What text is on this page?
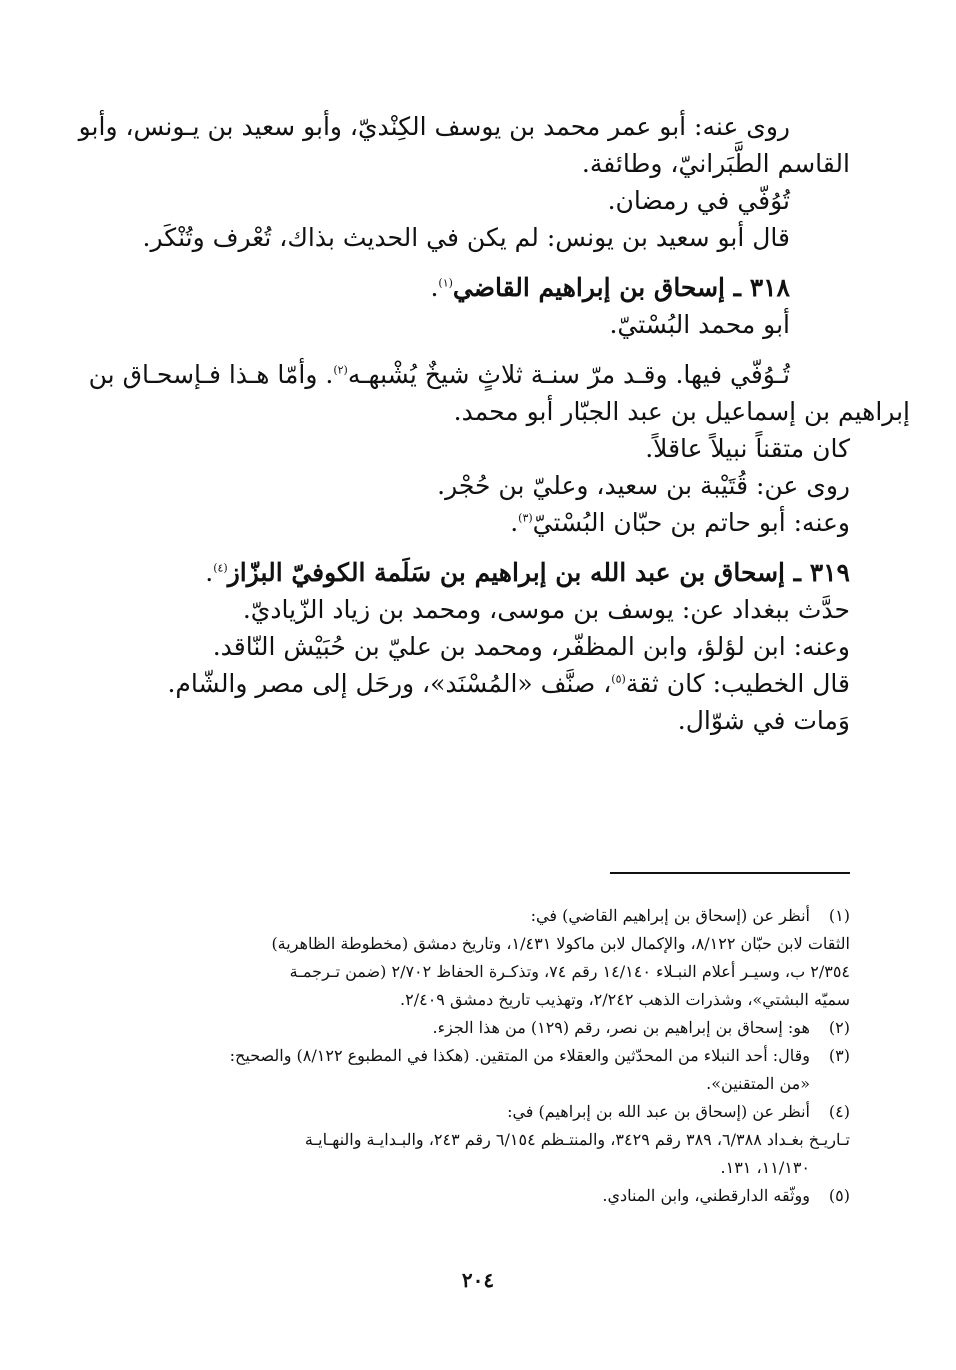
روى عنه: أبو عمر محمد بن يوسف الكِنْديّ، وأبو سعيد بن يـونس، وأبو
القاسم الطَّبَرانيّ، وطائفة.
تُوُفّي في رمضان.
قال أبو سعيد بن يونس: لم يكن في الحديث بذاك، تُعْرف وتُنْكَر.
٣١٨ ـ إسحاق بن إبراهيم القاضي$^{(١)}$.
أبو محمد البُسْتيّ.
تُـوُفّي فيها. وقـد مرّ سنـة ثلاثٍ شيخٌ يُشْبهـه$^{(٢)}$. وأمّا هـذا فـإسحـاق بن
إبراهيم بن إسماعيل بن عبد الجبّار أبو محمد.
كان متقناً نبيلاً عاقلاً.
روى عن: قُتَيْبة بن سعيد، وعليّ بن حُجْر.
وعنه: أبو حاتم بن حبّان البُسْتيّ$^{(٣)}$.
٣١٩ ـ إسحاق بن عبد الله بن إبراهيم بن سَلَمة الكوفيّ البزّاز$^{(٤)}$.
حدَّث ببغداد عن: يوسف بن موسى، ومحمد بن زياد الزّياديّ.
وعنه: ابن لؤلؤ، وابن المظفّر، ومحمد بن عليّ بن حُبَيْش النّاقد.
قال الخطيب: كان ثقة$^{(٥)}$، صنَّف «المُسْنَد»، ورحَل إلى مصر والشّام.
وَمات في شوّال.
(١)
أنظر عن (إسحاق بن إبراهيم القاضي) في:
الثقات لابن حبّان ٨/١٢٢، والإكمال لابن ماكولا ١/٤٣١، وتاريخ دمشق (مخطوطة الظاهرية)
٢/٣٥٤ ب، وسيـر أعلام النبـلاء ١٤/١٤٠ رقم ٧٤، وتذكـرة الحفاظ ٢/٧٠٢ (ضمن تـرجمـة
سميّه البشتي»، وشذرات الذهب ٢/٢٤٢، وتهذيب تاريخ دمشق ٢/٤٠٩.
(٢)
هو: إسحاق بن إبراهيم بن نصر، رقم (١٢٩) من هذا الجزء.
(٣)
وقال: أحد النبلاء من المحدّثين والعقلاء من المتقين. (هكذا في المطبوع ٨/١٢٢) والصحيح:
«من المتقنين».
(٤)
أنظر عن (إسحاق بن عبد الله بن إبراهيم) في:
تـاريـخ بغـداد ٦/٣٨٨، ٣٨٩ رقم ٣٤٢٩، والمنتـظم ٦/١٥٤ رقم ٢٤٣، والبـدايـة والنهـايـة
١١/١٣٠، ١٣١.
(٥)
ووثّقه الدارقطني، وابن المنادي.
٢٠٤
